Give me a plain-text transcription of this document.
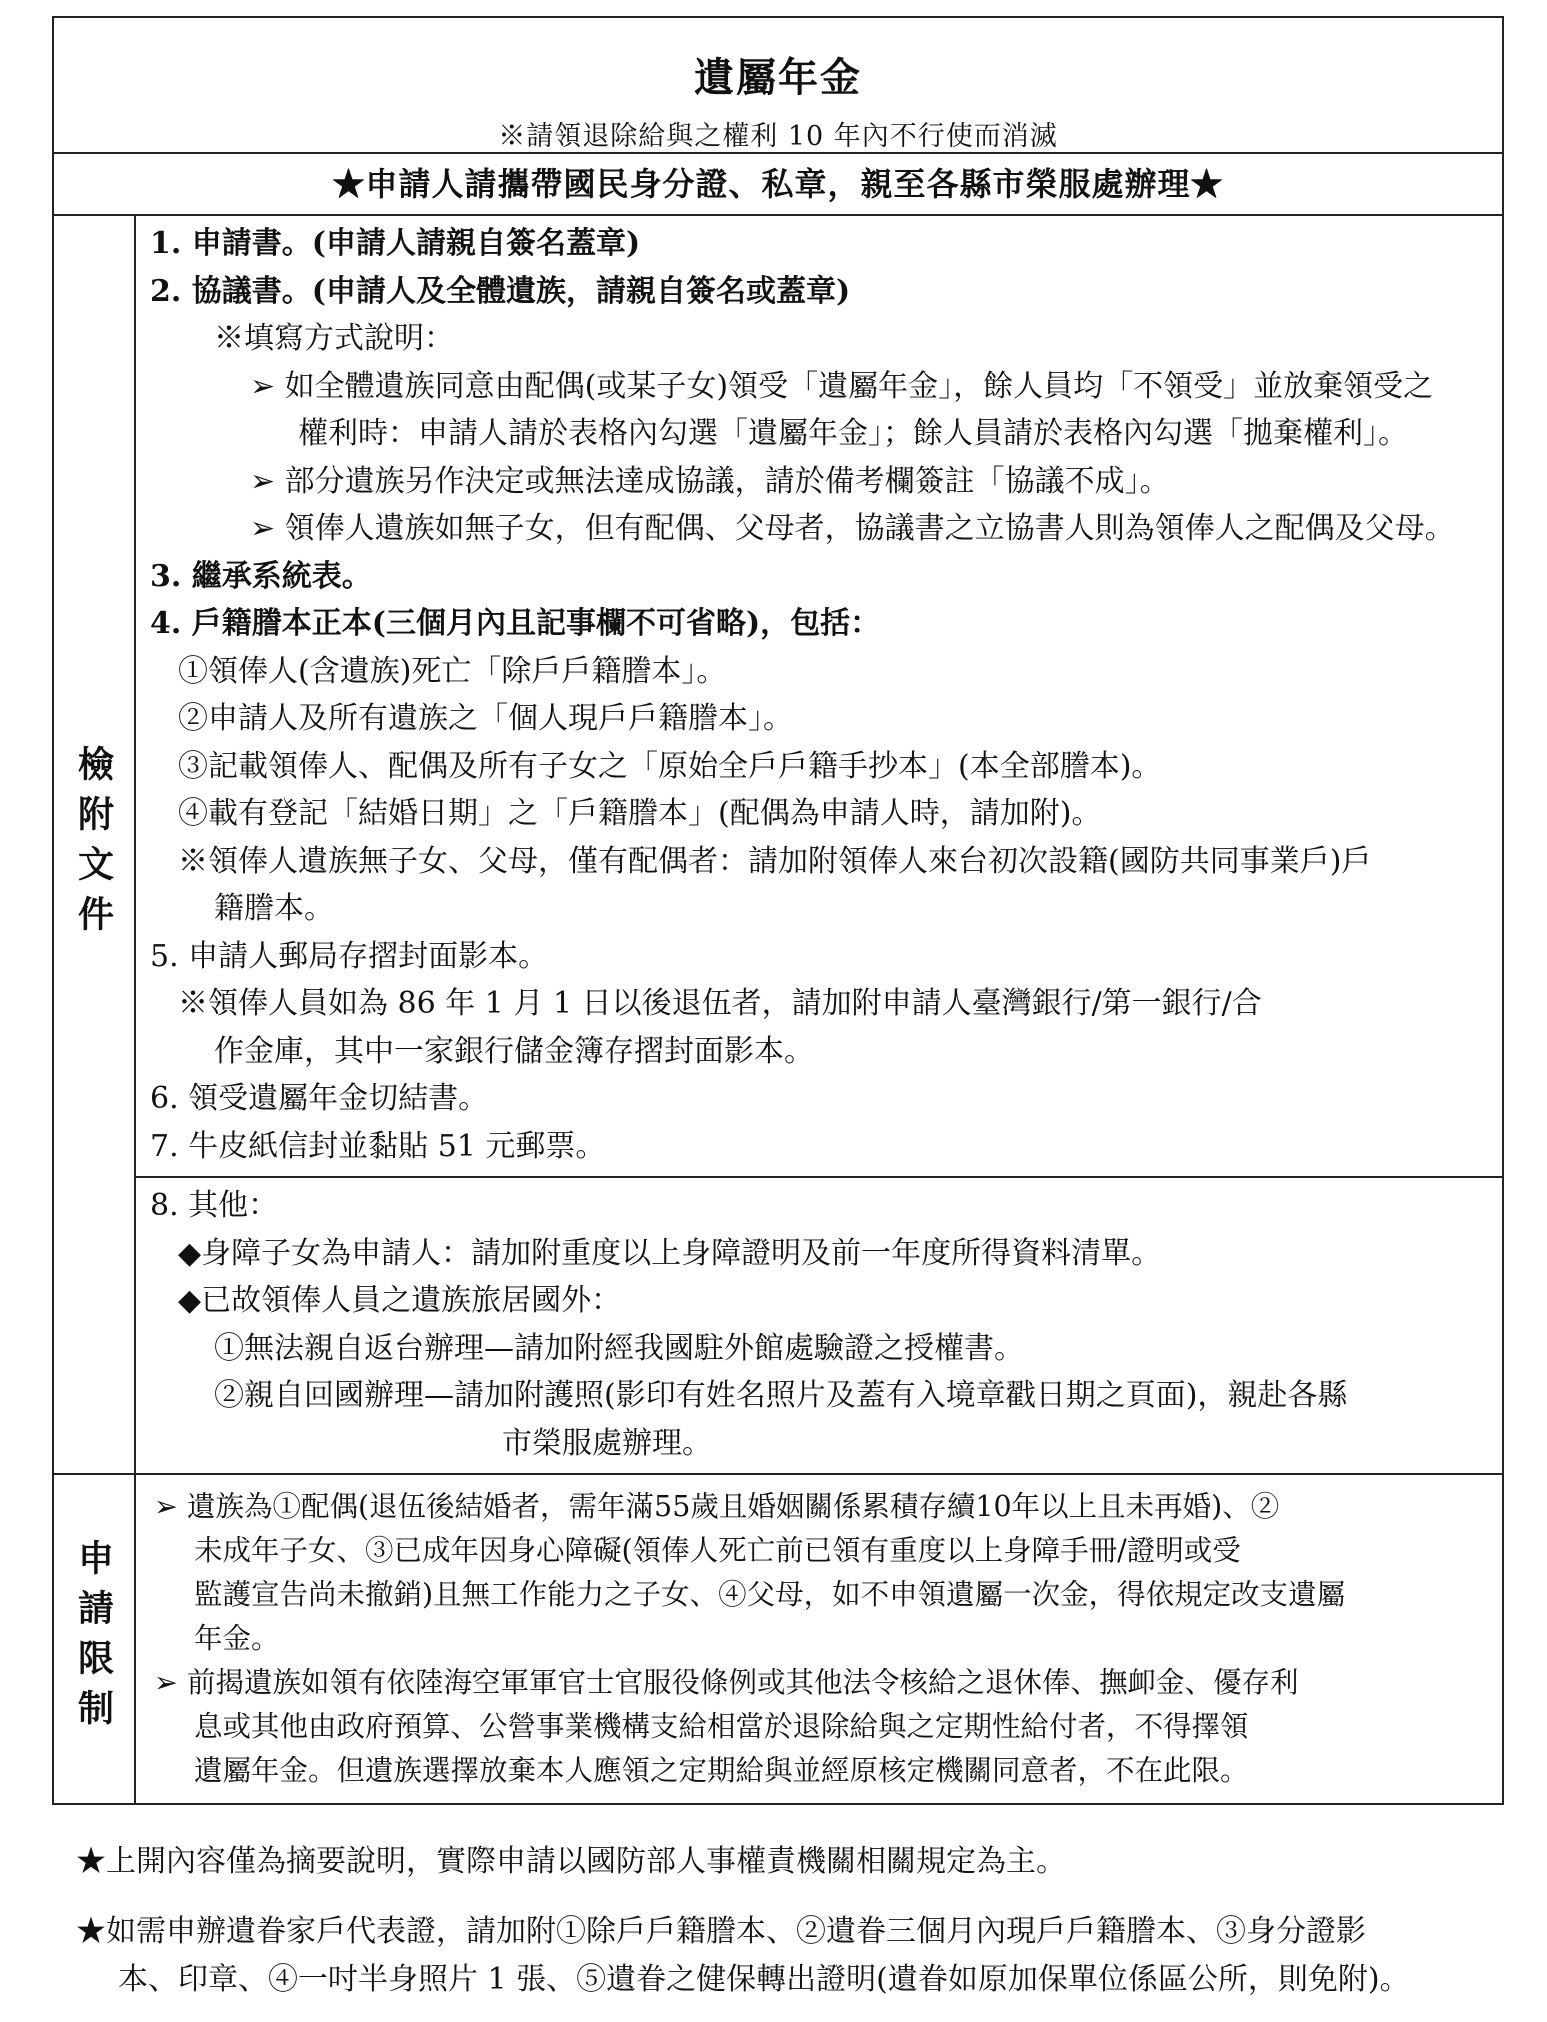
遺屬年金
※請領退除給與之權利 10 年內不行使而消滅
★申請人請攜帶國民身分證、私章，親至各縣市榮服處辦理★
檢附文件
1. 申請書。(申請人請親自簽名蓋章)
2. 協議書。(申請人及全體遺族，請親自簽名或蓋章)
※填寫方式說明：
➢ 如全體遺族同意由配偶(或某子女)領受「遺屬年金」，餘人員均「不領受」並放棄領受之
權利時：申請人請於表格內勾選「遺屬年金」；餘人員請於表格內勾選「拋棄權利」。
➢ 部分遺族另作決定或無法達成協議，請於備考欄簽註「協議不成」。
➢ 領俸人遺族如無子女，但有配偶、父母者，協議書之立協書人則為領俸人之配偶及父母。
3. 繼承系統表。
4. 戶籍謄本正本(三個月內且記事欄不可省略)，包括：
①領俸人(含遺族)死亡「除戶戶籍謄本」。
②申請人及所有遺族之「個人現戶戶籍謄本」。
③記載領俸人、配偶及所有子女之「原始全戶戶籍手抄本」(本全部謄本)。
④載有登記「結婚日期」之「戶籍謄本」(配偶為申請人時，請加附)。
※領俸人遺族無子女、父母，僅有配偶者：請加附領俸人來台初次設籍(國防共同事業戶)戶
籍謄本。
5. 申請人郵局存摺封面影本。
※領俸人員如為 86 年 1 月 1 日以後退伍者，請加附申請人臺灣銀行/第一銀行/合
作金庫，其中一家銀行儲金簿存摺封面影本。
6. 領受遺屬年金切結書。
7. 牛皮紙信封並黏貼 51 元郵票。
8. 其他：
◆身障子女為申請人：請加附重度以上身障證明及前一年度所得資料清單。
◆已故領俸人員之遺族旅居國外：
①無法親自返台辦理—請加附經我國駐外館處驗證之授權書。
②親自回國辦理—請加附護照(影印有姓名照片及蓋有入境章戳日期之頁面)，親赴各縣
市榮服處辦理。
申請限制
➢ 遺族為①配偶(退伍後結婚者，需年滿55歲且婚姻關係累積存續10年以上且未再婚)、②
未成年子女、③已成年因身心障礙(領俸人死亡前已領有重度以上身障手冊/證明或受
監護宣告尚未撤銷)且無工作能力之子女、④父母，如不申領遺屬一次金，得依規定改支遺屬
年金。
➢ 前揭遺族如領有依陸海空軍軍官士官服役條例或其他法令核給之退休俸、撫卹金、優存利
息或其他由政府預算、公營事業機構支給相當於退除給與之定期性給付者，不得擇領
遺屬年金。但遺族選擇放棄本人應領之定期給與並經原核定機關同意者，不在此限。
★上開內容僅為摘要說明，實際申請以國防部人事權責機關相關規定為主。
★如需申辦遺眷家戶代表證，請加附①除戶戶籍謄本、②遺眷三個月內現戶戶籍謄本、③身分證影
本、印章、④一吋半身照片 1 張、⑤遺眷之健保轉出證明(遺眷如原加保單位係區公所，則免附)。
